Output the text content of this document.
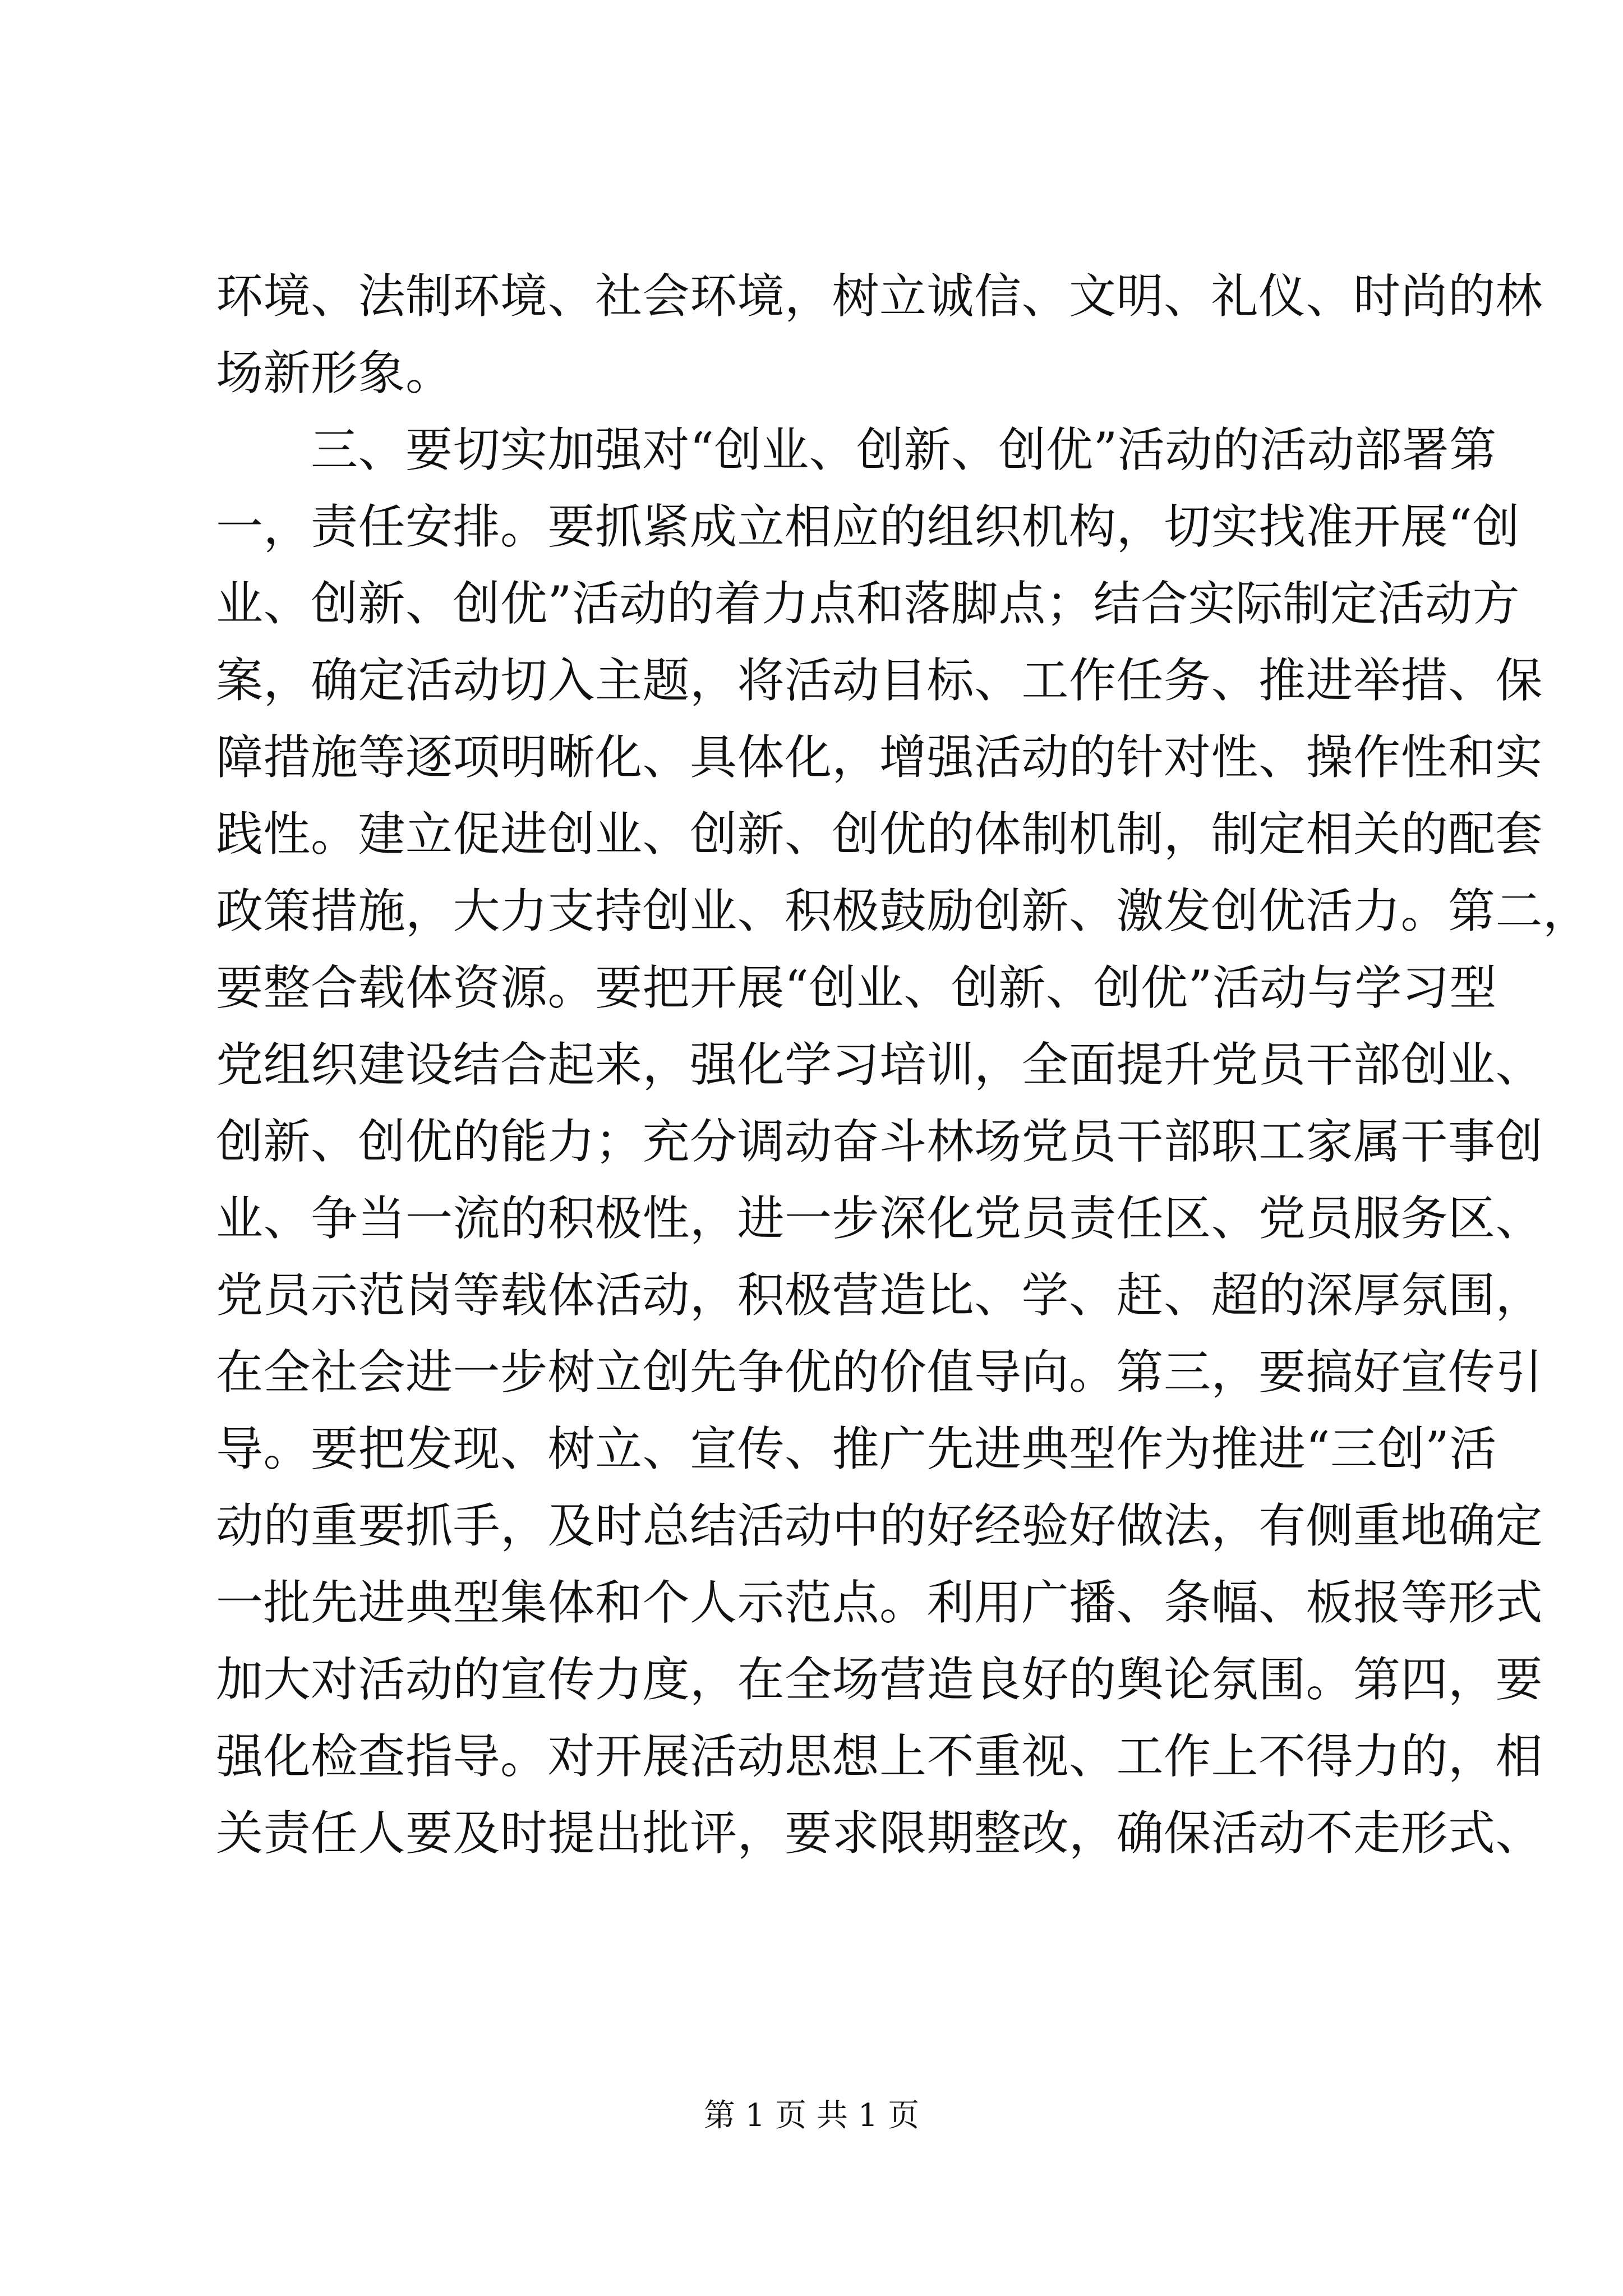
环境、法制环境、社会环境，树立诚信、文明、礼仪、时尚的林
场新形象。
　　三、要切实加强对“创业、创新、创优”活动的活动部署第
一，责任安排。要抓紧成立相应的组织机构，切实找准开展“创
业、创新、创优”活动的着力点和落脚点；结合实际制定活动方
案，确定活动切入主题，将活动目标、工作任务、推进举措、保
障措施等逐项明晰化、具体化，增强活动的针对性、操作性和实
践性。建立促进创业、创新、创优的体制机制，制定相关的配套
政策措施，大力支持创业、积极鼓励创新、激发创优活力。第二，
要整合载体资源。要把开展“创业、创新、创优”活动与学习型
党组织建设结合起来，强化学习培训，全面提升党员干部创业、
创新、创优的能力；充分调动奋斗林场党员干部职工家属干事创
业、争当一流的积极性，进一步深化党员责任区、党员服务区、
党员示范岗等载体活动，积极营造比、学、赶、超的深厚氛围，
在全社会进一步树立创先争优的价值导向。第三，要搞好宣传引
导。要把发现、树立、宣传、推广先进典型作为推进“三创”活
动的重要抓手，及时总结活动中的好经验好做法，有侧重地确定
一批先进典型集体和个人示范点。利用广播、条幅、板报等形式
加大对活动的宣传力度，在全场营造良好的舆论氛围。第四，要
强化检查指导。对开展活动思想上不重视、工作上不得力的，相
关责任人要及时提出批评，要求限期整改，确保活动不走形式、
第 1 页 共 1 页
